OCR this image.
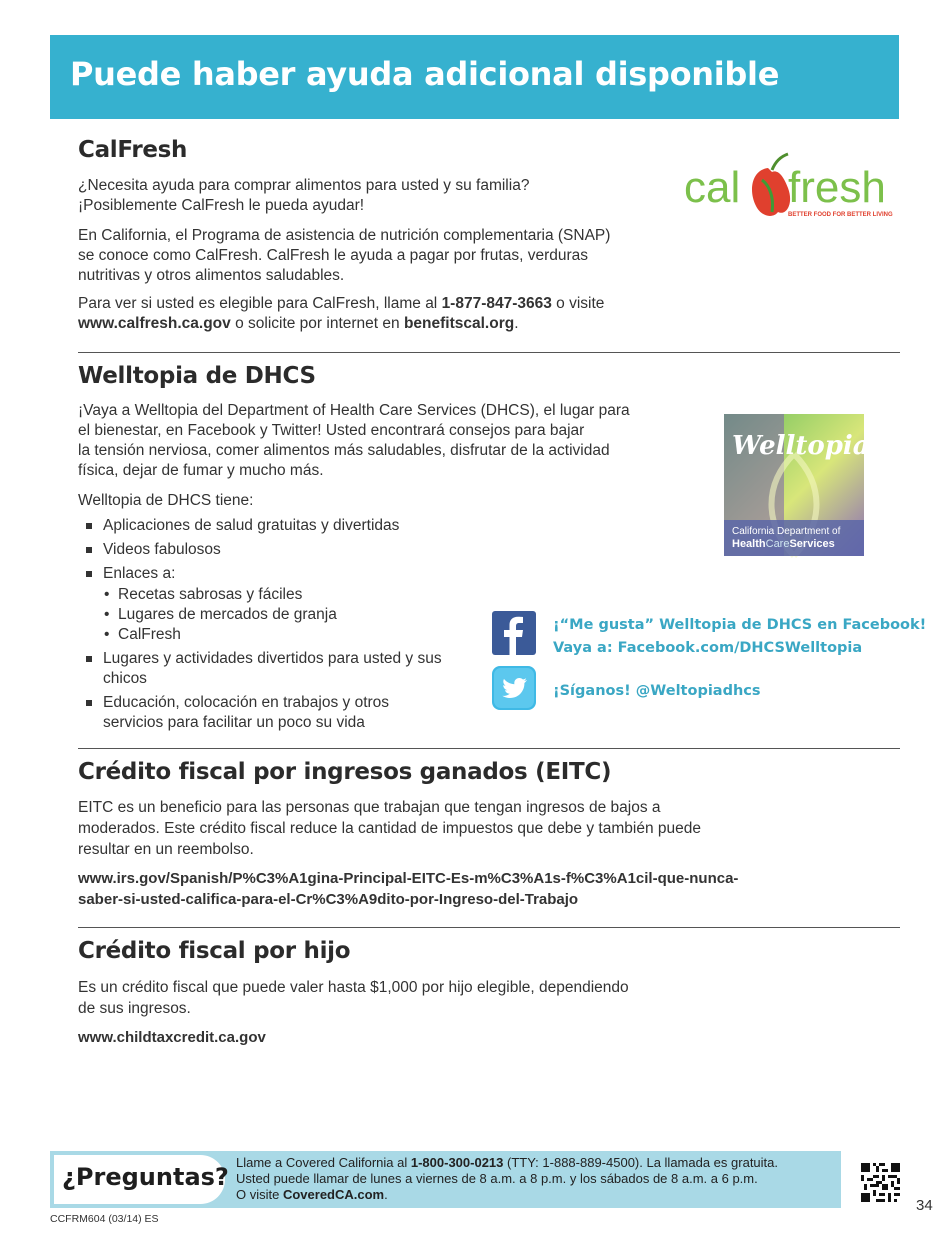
Puede haber ayuda adicional disponible
CalFresh

¿Necesita ayuda para comprar alimentos para usted y su familia?
¡Posiblemente CalFresh le pueda ayudar!

En California, el Programa de asistencia de nutrición complementaria (SNAP)
se conoce como CalFresh. CalFresh le ayuda a pagar por frutas, verduras
nutritivas y otros alimentos saludables.

Para ver si usted es elegible para CalFresh, llame al 1-877-847-3663 o visite
www.calfresh.ca.gov o solicite por internet en benefitscal.org.

cal fresh
BETTER FOOD FOR BETTER LIVING
Welltopia de DHCS

¡Vaya a Welltopia del Department of Health Care Services (DHCS), el lugar para
el bienestar, en Facebook y Twitter! Usted encontrará consejos para bajar
la tensión nerviosa, comer alimentos más saludables, disfrutar de la actividad
física, dejar de fumar y mucho más.

Welltopia de DHCS tiene:

Aplicaciones de salud gratuitas y divertidas
Videos fabulosos
Enlaces a:
• Recetas sabrosas y fáciles
• Lugares de mercados de granja
• CalFresh
Lugares y actividades divertidos para usted y sus chicos
Educación, colocación en trabajos y otros servicios para facilitar un poco su vida
Welltopia
California Department of
HealthCareServices
¡“Me gusta” Welltopia de DHCS en Facebook!
Vaya a: Facebook.com/DHCSWelltopia
¡Síganos! @Weltopiadhcs
Crédito fiscal por ingresos ganados (EITC)

EITC es un beneficio para las personas que trabajan que tengan ingresos de bajos a
moderados. Este crédito fiscal reduce la cantidad de impuestos que debe y también puede
resultar en un reembolso.

www.irs.gov/Spanish/P%C3%A1gina-Principal-EITC-Es-m%C3%A1s-f%C3%A1cil-que-nunca-
saber-si-usted-califica-para-el-Cr%C3%A9dito-por-Ingreso-del-Trabajo

Crédito fiscal por hijo

Es un crédito fiscal que puede valer hasta $1,000 por hijo elegible, dependiendo
de sus ingresos.

www.childtaxcredit.ca.gov

¿Preguntas?
Llame a Covered California al 1-800-300-0213 (TTY: 1-888-889-4500). La llamada es gratuita.
Usted puede llamar de lunes a viernes de 8 a.m. a 8 p.m. y los sábados de 8 a.m. a 6 p.m.
O visite CoveredCA.com.
34
CCFRM604 (03/14) ES
